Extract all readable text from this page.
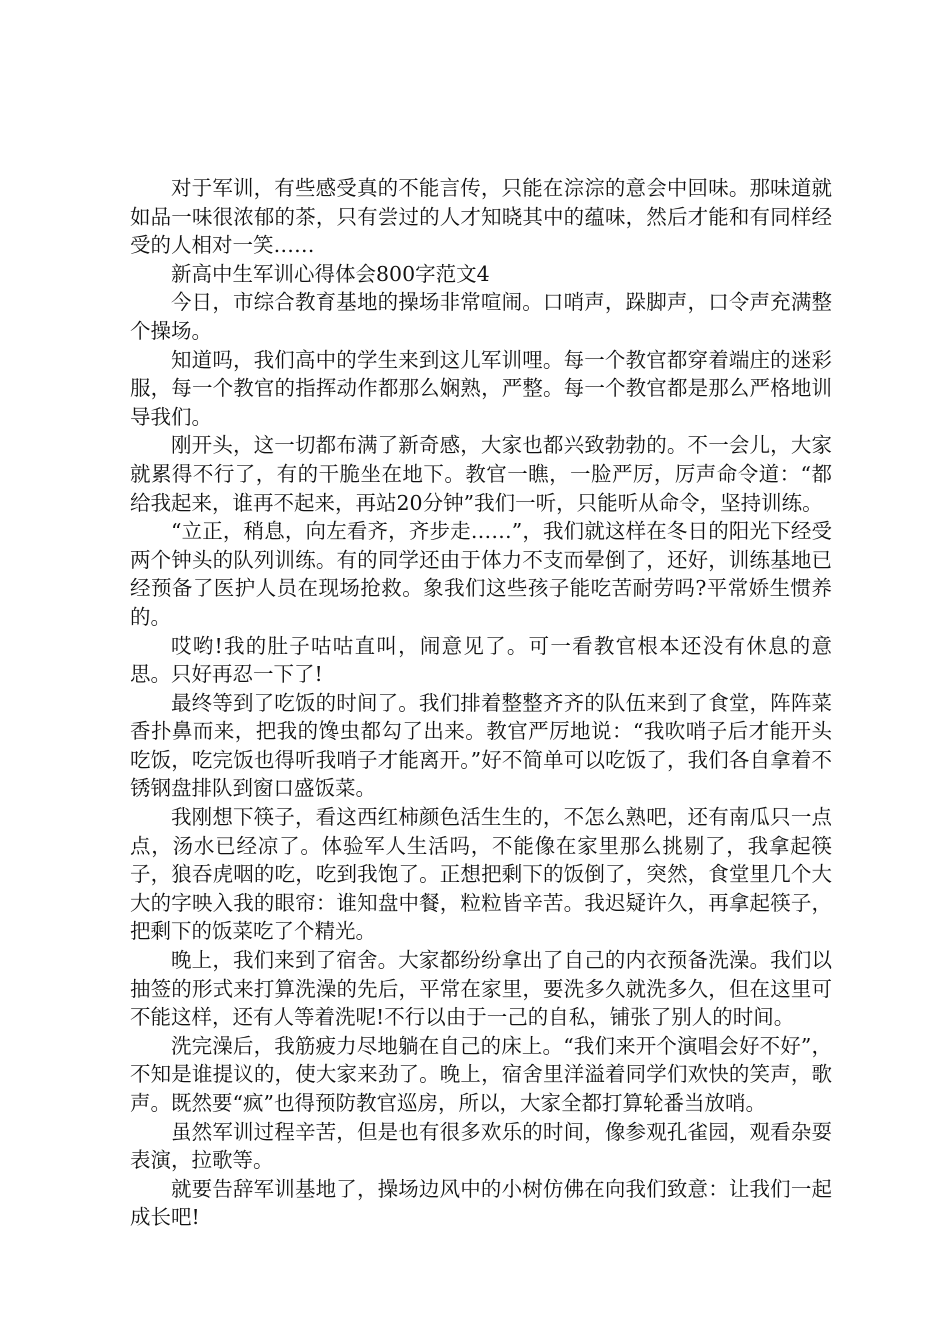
对于军训，有些感受真的不能言传，只能在淙淙的意会中回味。那味道就如品一味很浓郁的茶，只有尝过的人才知晓其中的蕴味，然后才能和有同样经受的人相对一笑……

新高中生军训心得体会800字范文4

今日，市综合教育基地的操场非常喧闹。口哨声，跺脚声，口令声充满整个操场。

知道吗，我们高中的学生来到这儿军训哩。每一个教官都穿着端庄的迷彩服，每一个教官的指挥动作都那么娴熟，严整。每一个教官都是那么严格地训导我们。

刚开头，这一切都布满了新奇感，大家也都兴致勃勃的。不一会儿，大家就累得不行了，有的干脆坐在地下。教官一瞧，一脸严厉，厉声命令道：“都给我起来，谁再不起来，再站20分钟”我们一听，只能听从命令，坚持训练。

“立正，稍息，向左看齐，齐步走……”，我们就这样在冬日的阳光下经受两个钟头的队列训练。有的同学还由于体力不支而晕倒了，还好，训练基地已经预备了医护人员在现场抢救。象我们这些孩子能吃苦耐劳吗?平常娇生惯养的。

哎哟!我的肚子咕咕直叫，闹意见了。可一看教官根本还没有休息的意思。只好再忍一下了!

最终等到了吃饭的时间了。我们排着整整齐齐的队伍来到了食堂，阵阵菜香扑鼻而来，把我的馋虫都勾了出来。教官严厉地说：“我吹哨子后才能开头吃饭，吃完饭也得听我哨子才能离开。”好不简单可以吃饭了，我们各自拿着不锈钢盘排队到窗口盛饭菜。

我刚想下筷子，看这西红柿颜色活生生的，不怎么熟吧，还有南瓜只一点点，汤水已经凉了。体验军人生活吗，不能像在家里那么挑剔了，我拿起筷子，狼吞虎咽的吃，吃到我饱了。正想把剩下的饭倒了，突然，食堂里几个大大的字映入我的眼帘：谁知盘中餐，粒粒皆辛苦。我迟疑许久，再拿起筷子，把剩下的饭菜吃了个精光。

晚上，我们来到了宿舍。大家都纷纷拿出了自己的内衣预备洗澡。我们以抽签的形式来打算洗澡的先后，平常在家里，要洗多久就洗多久，但在这里可不能这样，还有人等着洗呢!不行以由于一己的自私，铺张了别人的时间。

洗完澡后，我筋疲力尽地躺在自己的床上。“我们来开个演唱会好不好”，不知是谁提议的，使大家来劲了。晚上，宿舍里洋溢着同学们欢快的笑声，歌声。既然要“疯”也得预防教官巡房，所以，大家全都打算轮番当放哨。

虽然军训过程辛苦，但是也有很多欢乐的时间，像参观孔雀园，观看杂耍表演，拉歌等。

就要告辞军训基地了，操场边风中的小树仿佛在向我们致意：让我们一起成长吧!
